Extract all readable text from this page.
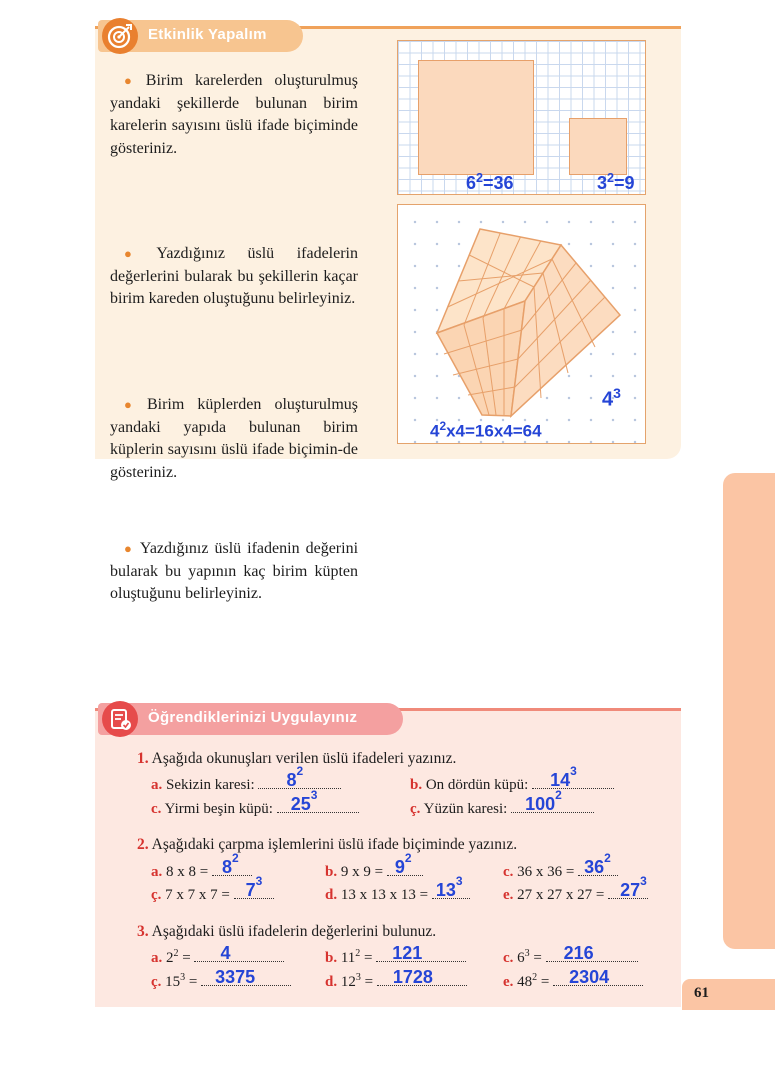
Etkinlik Yapalım
● Birim karelerden oluşturulmuş yandaki şekillerde bulunan birim karelerin sayısını üslü ifade biçiminde gösteriniz.
● Yazdığınız üslü ifadelerin değerlerini bularak bu şekillerin kaçar birim kareden oluştuğunu belirleyiniz.
● Birim küplerden oluşturulmuş yandaki yapıda bulunan birim küplerin sayısını üslü ifade biçimin-de gösteriniz.
● Yazdığınız üslü ifadenin değerini bularak bu yapının kaç birim küpten oluştuğunu belirleyiniz.
$6^2=36$	$3^2=9$
$4^3$
$4^2x4=16x4=64$
61
Öğrendiklerinizi Uygulayınız
1. Aşağıda okunuşları verilen üslü ifadeleri yazınız.
a. Sekizin karesi: $8^2$
b. On dördün küpü: $14^3$
c. Yirmi beşin küpü: $25^3$
ç. Yüzün karesi: $100^2$
2. Aşağıdaki çarpma işlemlerini üslü ifade biçiminde yazınız.
a. 8 x $8 = 8^2$
b. 9 x $9 = 9^2$
c. 36 x $36 = 36^2$
ç. 7 x 7 x $7 = 7^3$
d. 13 x 13 x $13 = 13^3$
e. 27 x 27 x $27 = 27^3$
3. Aşağıdaki üslü ifadelerin değerlerini bulunuz.
a. $2^2 = 4$	b. $11^2 = 121$	c. $6^3 = 216$
ç. $15^3 = 3375$	d. $12^3 = 1728$	e. $48^2 = 2304$
